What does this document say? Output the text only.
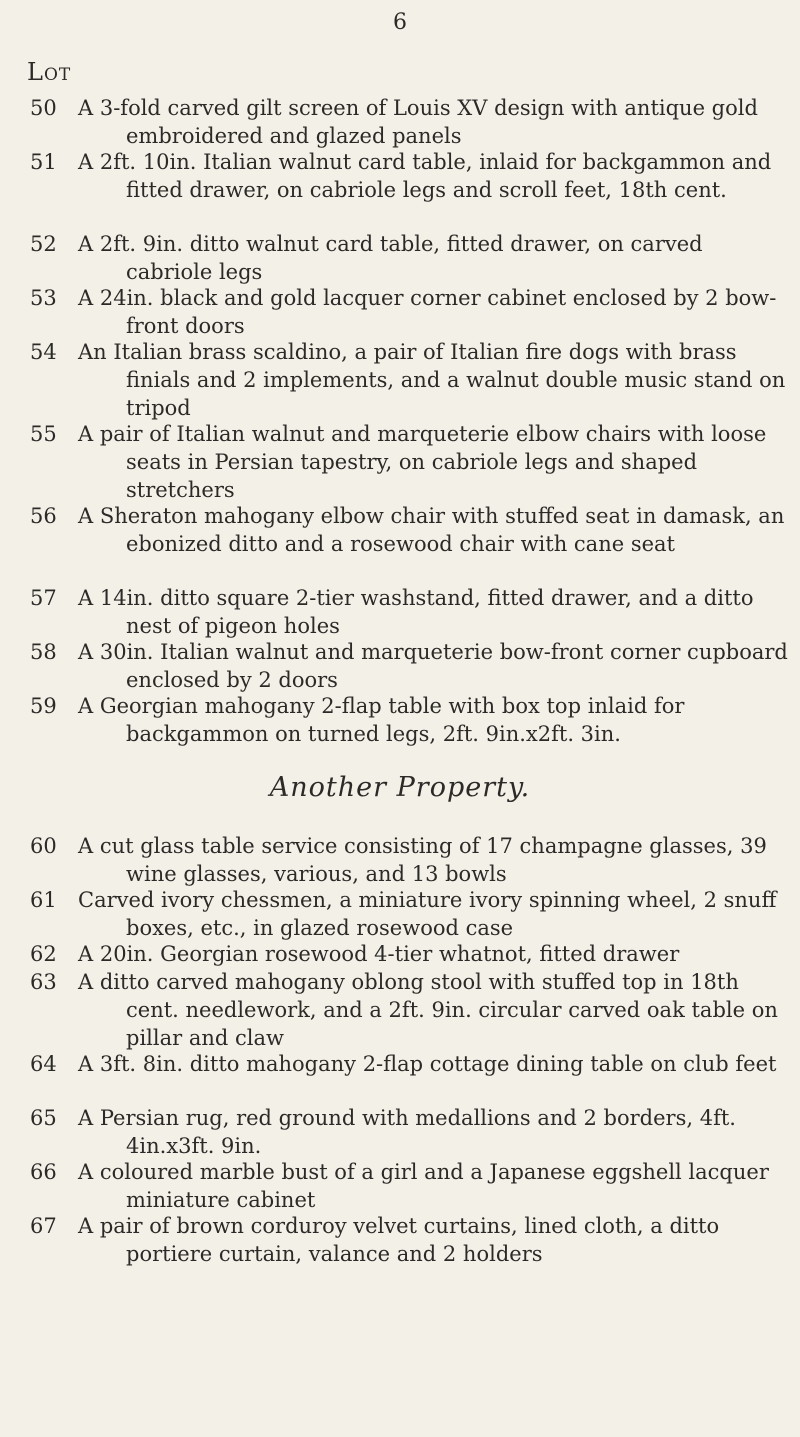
6
Lot
50	A 3-fold carved gilt screen of Louis XV design with antique gold embroidered and glazed panels
51	A 2ft. 10in. Italian walnut card table, inlaid for backgammon and fitted drawer, on cabriole legs and scroll feet, 18th cent.
52	A 2ft. 9in. ditto walnut card table, fitted drawer, on carved cabriole legs
53	A 24in. black and gold lacquer corner cabinet enclosed by 2 bow-front doors
54	An Italian brass scaldino, a pair of Italian fire dogs with brass finials and 2 implements, and a walnut double music stand on tripod
55	A pair of Italian walnut and marqueterie elbow chairs with loose seats in Persian tapestry, on cabriole legs and shaped stretchers
56	A Sheraton mahogany elbow chair with stuffed seat in damask, an ebonized ditto and a rosewood chair with cane seat
57	A 14in. ditto square 2-tier washstand, fitted drawer, and a ditto nest of pigeon holes
58	A 30in. Italian walnut and marqueterie bow-front corner cupboard enclosed by 2 doors
59	A Georgian mahogany 2-flap table with box top inlaid for backgammon on turned legs, 2ft. 9in.x2ft. 3in.
Another Property.
60	A cut glass table service consisting of 17 champagne glasses, 39 wine glasses, various, and 13 bowls
61	Carved ivory chessmen, a miniature ivory spinning wheel, 2 snuff boxes, etc., in glazed rosewood case
62	A 20in. Georgian rosewood 4-tier whatnot, fitted drawer
63	A ditto carved mahogany oblong stool with stuffed top in 18th cent. needlework, and a 2ft. 9in. circular carved oak table on pillar and claw
64	A 3ft. 8in. ditto mahogany 2-flap cottage dining table on club feet
65	A Persian rug, red ground with medallions and 2 borders, 4ft. 4in.x3ft. 9in.
66	A coloured marble bust of a girl and a Japanese eggshell lacquer miniature cabinet
67	A pair of brown corduroy velvet curtains, lined cloth, a ditto portiere curtain, valance and 2 holders
